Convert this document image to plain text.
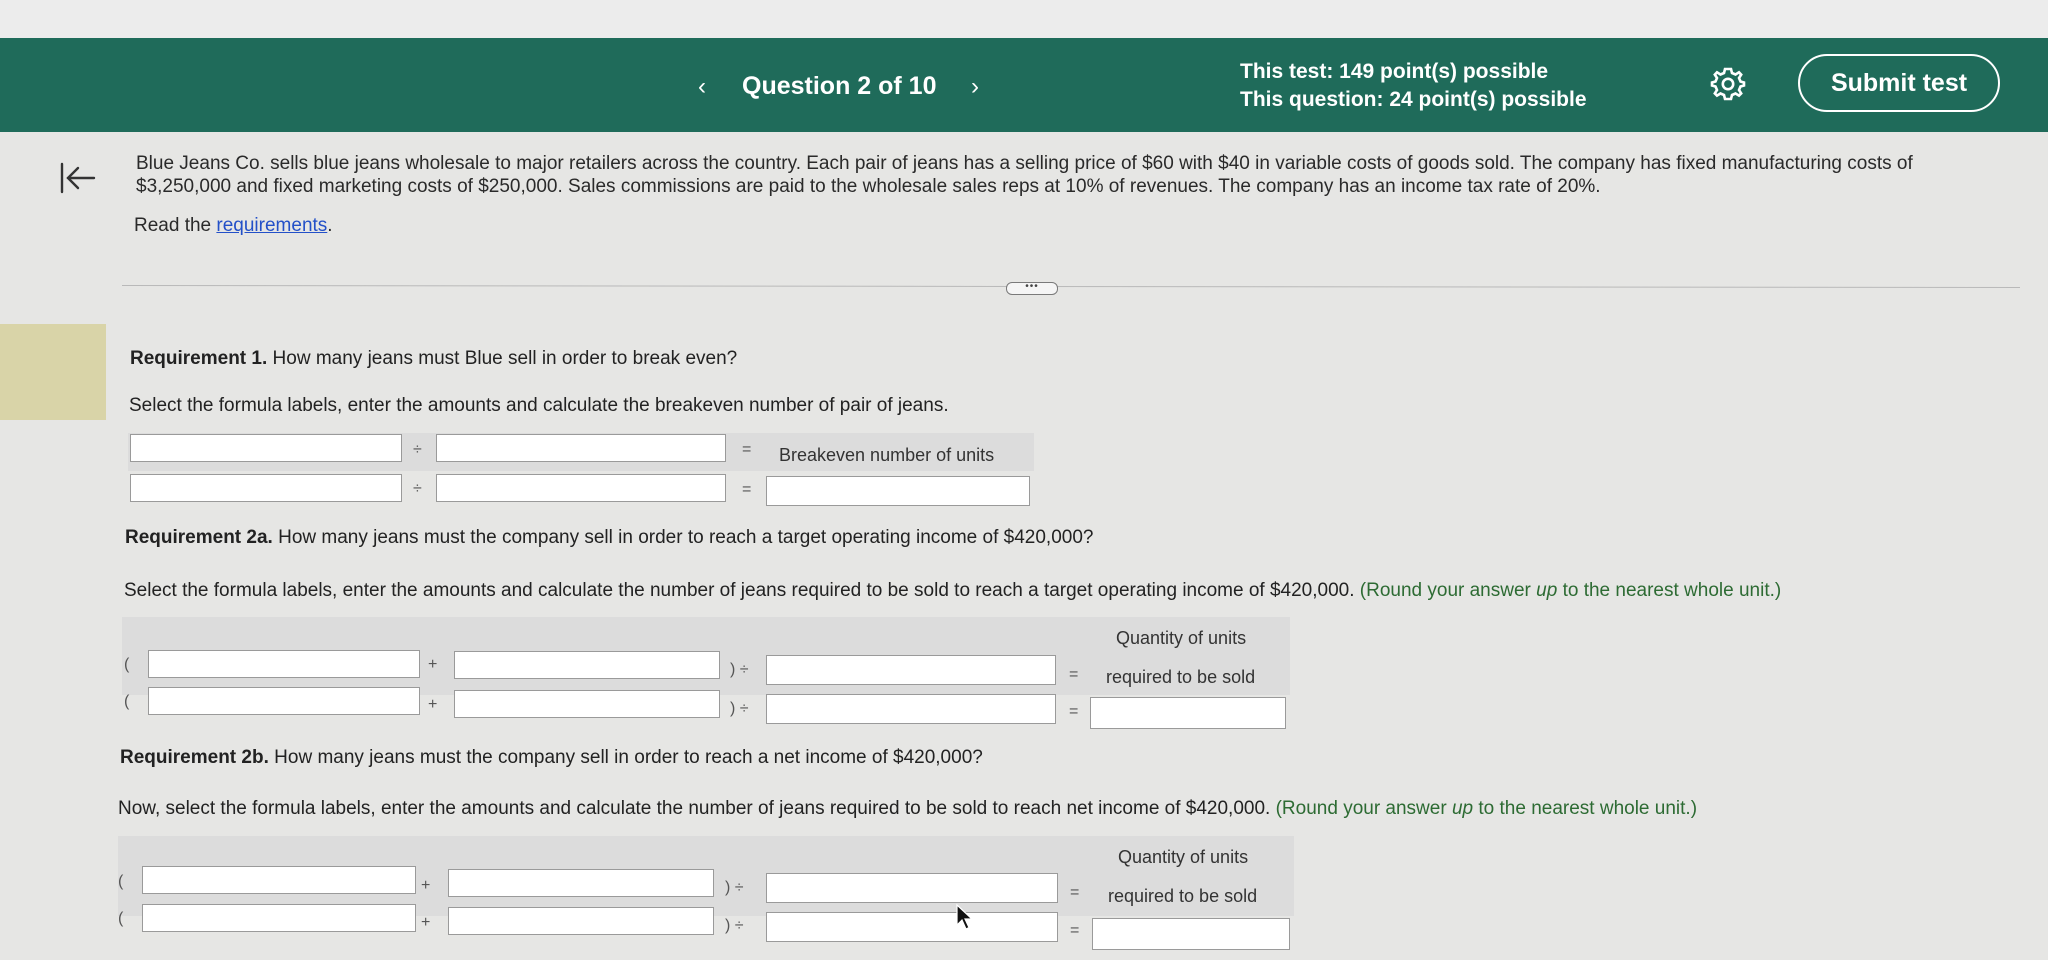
‹	Question 2 of 10	›
This test: 149 point(s) possible
This question: 24 point(s) possible
Submit test
Blue Jeans Co. sells blue jeans wholesale to major retailers across the country. Each pair of jeans has a selling price of $60 with $40 in variable costs of goods sold. The company has fixed manufacturing costs of $3,250,000 and fixed marketing costs of $250,000. Sales commissions are paid to the wholesale sales reps at 10% of revenues. The company has an income tax rate of 20%.
Read the requirements.
•••
Requirement 1. How many jeans must Blue sell in order to break even?
Select the formula labels, enter the amounts and calculate the breakeven number of pair of jeans.
÷	= Breakeven number of units
÷	=
Requirement 2a. How many jeans must the company sell in order to reach a target operating income of $420,000?
Select the formula labels, enter the amounts and calculate the number of jeans required to be sold to reach a target operating income of $420,000. (Round your answer up to the nearest whole unit.)
Quantity of units
required to be sold
(	+	) ÷	=
(	+	) ÷	=
Requirement 2b. How many jeans must the company sell in order to reach a net income of $420,000?
Now, select the formula labels, enter the amounts and calculate the number of jeans required to be sold to reach net income of $420,000. (Round your answer up to the nearest whole unit.)
Quantity of units
required to be sold
(	+	) ÷	=
(	+	) ÷	=
